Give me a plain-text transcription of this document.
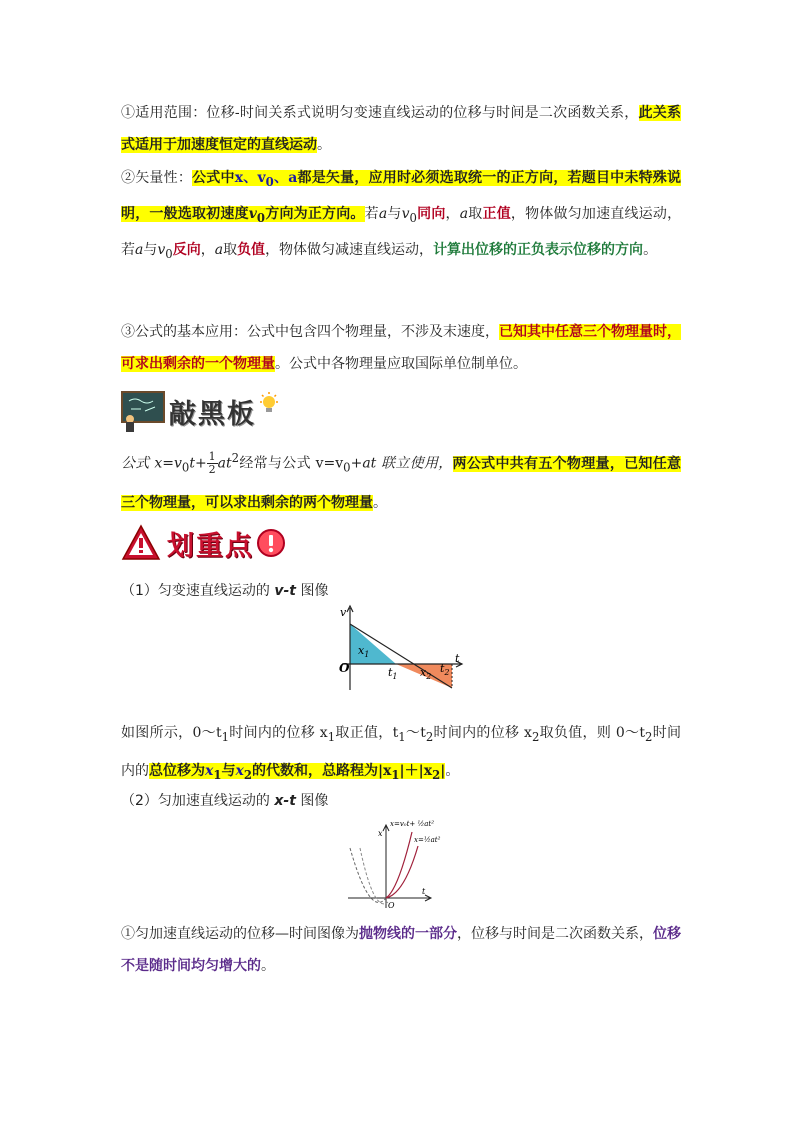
①适用范围：位移-时间关系式说明匀变速直线运动的位移与时间是二次函数关系，此关系式适用于加速度恒定的直线运动。
②矢量性：公式中x、$v_0$、a都是矢量，应用时必须选取统一的正方向，若题目中未特殊说明，一般选取初速度$v_0$方向为正方向。若a与$v_0$同向，a取正值，物体做匀加速直线运动，若a与$v_0$反向，a取负值，物体做匀减速直线运动，计算出位移的正负表示位移的方向。
③公式的基本应用：公式中包含四个物理量，不涉及末速度，已知其中任意三个物理量时，可求出剩余的一个物理量。公式中各物理量应取国际单位制单位。
敲黑板
公式 $x=v_0t+ \frac{1}{2} at^2$经常与公式 $v=v_0+at$ 联立使用，两公式中共有五个物理量，已知任意三个物理量，可以求出剩余的两个物理量。
划重点
（1）匀变速直线运动的 v-t 图像
v
O
t
$t_1$
$t_2$
$x_1$
$x_2$
如图所示，$0\sim t_1$时间内的位移 $x_1$取正值，$t_1\sim t_2$时间内的位移 $x_2$取负值，则 $0\sim t_2$时间内的总位移为$x_1$与$x_2$的代数和，总路程为$|x_1|+|x_2|$。
（2）匀加速直线运动的 x-t 图像
x
x=v₀t+ ½at²
x=½at²
O
t
①匀加速直线运动的位移—时间图像为抛物线的一部分，位移与时间是二次函数关系，位移不是随时间均匀增大的。
